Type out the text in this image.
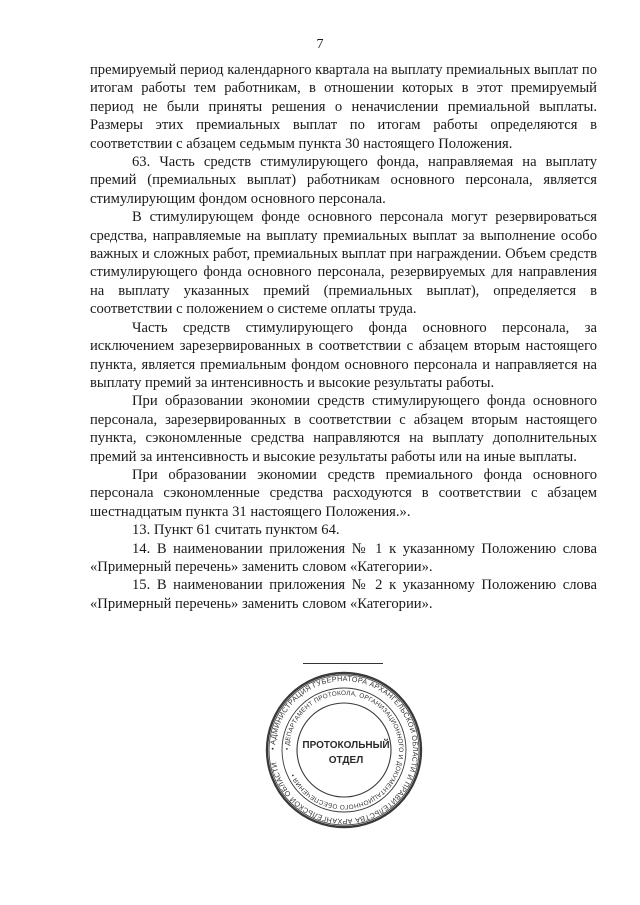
7

премируемый период календарного квартала на выплату премиальных выплат по итогам работы тем работникам, в отношении которых в этот премируемый период не были приняты решения о неначислении премиальной выплаты. Размеры этих премиальных выплат по итогам работы определяются в соответствии с абзацем седьмым пункта 30 настоящего Положения.

63. Часть средств стимулирующего фонда, направляемая на выплату премий (премиальных выплат) работникам основного персонала, является стимулирующим фондом основного персонала.

В стимулирующем фонде основного персонала могут резервироваться средства, направляемые на выплату премиальных выплат за выполнение особо важных и сложных работ, премиальных выплат при награждении. Объем средств стимулирующего фонда основного персонала, резервируемых для направления на выплату указанных премий (премиальных выплат), определяется в соответствии с положением о системе оплаты труда.

Часть средств стимулирующего фонда основного персонала, за исключением зарезервированных в соответствии с абзацем вторым настоящего пункта, является премиальным фондом основного персонала и направляется на выплату премий за интенсивность и высокие результаты работы.

При образовании экономии средств стимулирующего фонда основного персонала, зарезервированных в соответствии с абзацем вторым настоящего пункта, сэкономленные средства направляются на выплату дополнительных премий за интенсивность и высокие результаты работы или на иные выплаты.

При образовании экономии средств премиального фонда основного персонала сэкономленные средства расходуются в соответствии с абзацем шестнадцатым пункта 31 настоящего Положения.».

13. Пункт 61 считать пунктом 64.

14. В наименовании приложения № 1 к указанному Положению слова «Примерный перечень» заменить словом «Категории».

15. В наименовании приложения № 2 к указанному Положению слова «Примерный перечень» заменить словом «Категории».

• АДМИНИСТРАЦИЯ ГУБЕРНАТОРА АРХАНГЕЛЬСКОЙ ОБЛАСТИ И ПРАВИТЕЛЬСТВА АРХАНГЕЛЬСКОЙ ОБЛАСТИ
• ДЕПАРТАМЕНТ ПРОТОКОЛА, ОРГАНИЗАЦИОННОГО И ДОКУМЕНТАЦИОННОГО ОБЕСПЕЧЕНИЯ •
ПРОТОКОЛЬНЫЙ
ОТДЕЛ
